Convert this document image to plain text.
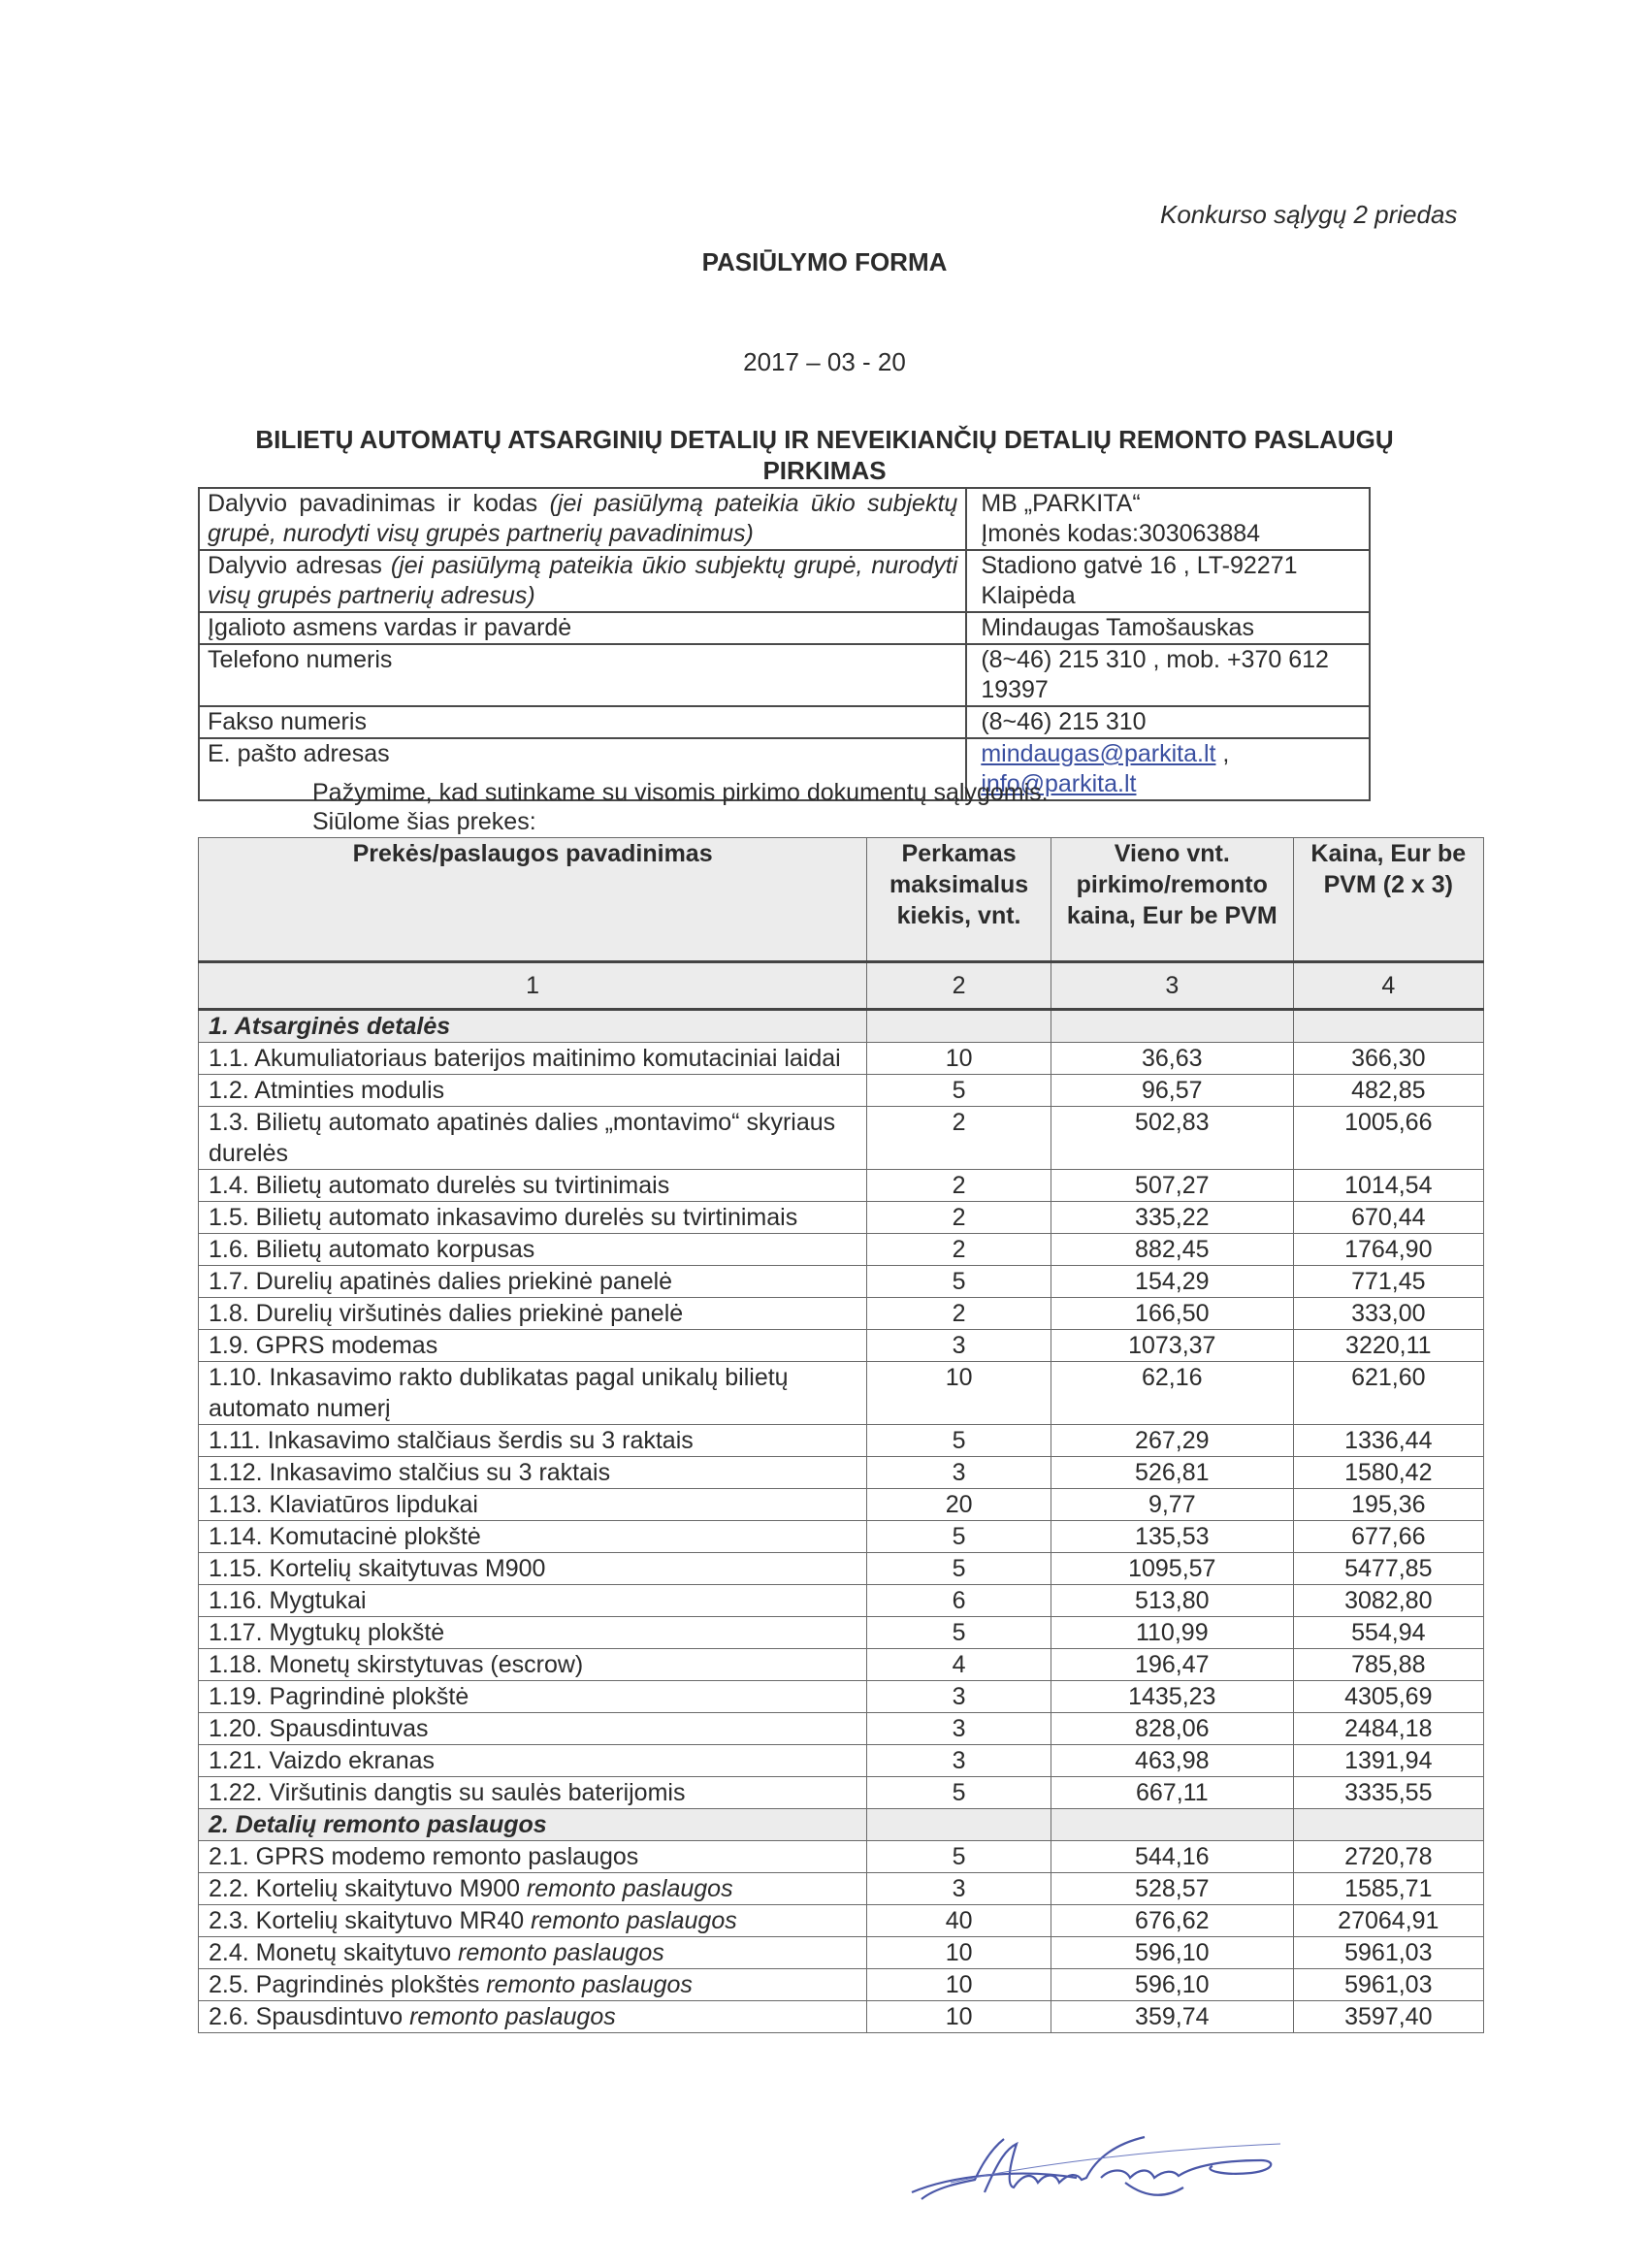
Konkurso sąlygų 2 priedas
PASIŪLYMO FORMA
2017 – 03 - 20
BILIETŲ AUTOMATŲ ATSARGINIŲ DETALIŲ IR NEVEIKIANČIŲ DETALIŲ REMONTO PASLAUGŲ PIRKIMAS
Dalyvio pavadinimas ir kodas (jei pasiūlymą pateikia ūkio subjektų grupė, nurodyti visų grupės partnerių pavadinimus)	MB „PARKITA“
Įmonės kodas:303063884

Dalyvio adresas (jei pasiūlymą pateikia ūkio subjektų grupė, nurodyti visų grupės partnerių adresus)	Stadiono gatvė 16 , LT-92271 Klaipėda
Įgalioto asmens vardas ir pavardė	Mindaugas Tamošauskas
Telefono numeris	(8~46) 215 310 , mob. +370 612 19397
Fakso numeris	(8~46) 215 310
E. pašto adresas	mindaugas@parkita.lt , info@parkita.lt
Pažymime, kad sutinkame su visomis pirkimo dokumentų sąlygomis.
Siūlome šias prekes:
Prekės/paslaugos pavadinimas	Perkamas maksimalus kiekis, vnt.	Vieno vnt. pirkimo/remonto kaina, Eur be PVM	Kaina, Eur be PVM (2 x 3)
1	2	3	4
1. Atsarginės detalės			
1.1. Akumuliatoriaus baterijos maitinimo komutaciniai laidai	10	36,63	366,30
1.2. Atminties modulis	5	96,57	482,85
1.3. Bilietų automato apatinės dalies „montavimo“ skyriaus durelės	2	502,83	1005,66
1.4. Bilietų automato durelės su tvirtinimais	2	507,27	1014,54
1.5. Bilietų automato inkasavimo durelės su tvirtinimais	2	335,22	670,44
1.6. Bilietų automato korpusas	2	882,45	1764,90
1.7. Durelių apatinės dalies priekinė panelė	5	154,29	771,45
1.8. Durelių viršutinės dalies priekinė panelė	2	166,50	333,00
1.9. GPRS modemas	3	1073,37	3220,11
1.10. Inkasavimo rakto dublikatas pagal unikalų bilietų automato numerį	10	62,16	621,60
1.11. Inkasavimo stalčiaus šerdis su 3 raktais	5	267,29	1336,44
1.12. Inkasavimo stalčius su 3 raktais	3	526,81	1580,42
1.13. Klaviatūros lipdukai	20	9,77	195,36
1.14. Komutacinė plokštė	5	135,53	677,66
1.15. Kortelių skaitytuvas M900	5	1095,57	5477,85
1.16. Mygtukai	6	513,80	3082,80
1.17. Mygtukų plokštė	5	110,99	554,94
1.18. Monetų skirstytuvas (escrow)	4	196,47	785,88
1.19. Pagrindinė plokštė	3	1435,23	4305,69
1.20. Spausdintuvas	3	828,06	2484,18
1.21. Vaizdo ekranas	3	463,98	1391,94
1.22. Viršutinis dangtis su saulės baterijomis	5	667,11	3335,55
2. Detalių remonto paslaugos			
2.1. GPRS modemo remonto paslaugos	5	544,16	2720,78
2.2. Kortelių skaitytuvo M900 remonto paslaugos	3	528,57	1585,71
2.3. Kortelių skaitytuvo MR40 remonto paslaugos	40	676,62	27064,91
2.4. Monetų skaitytuvo remonto paslaugos	10	596,10	5961,03
2.5. Pagrindinės plokštės remonto paslaugos	10	596,10	5961,03
2.6. Spausdintuvo remonto paslaugos	10	359,74	3597,40
